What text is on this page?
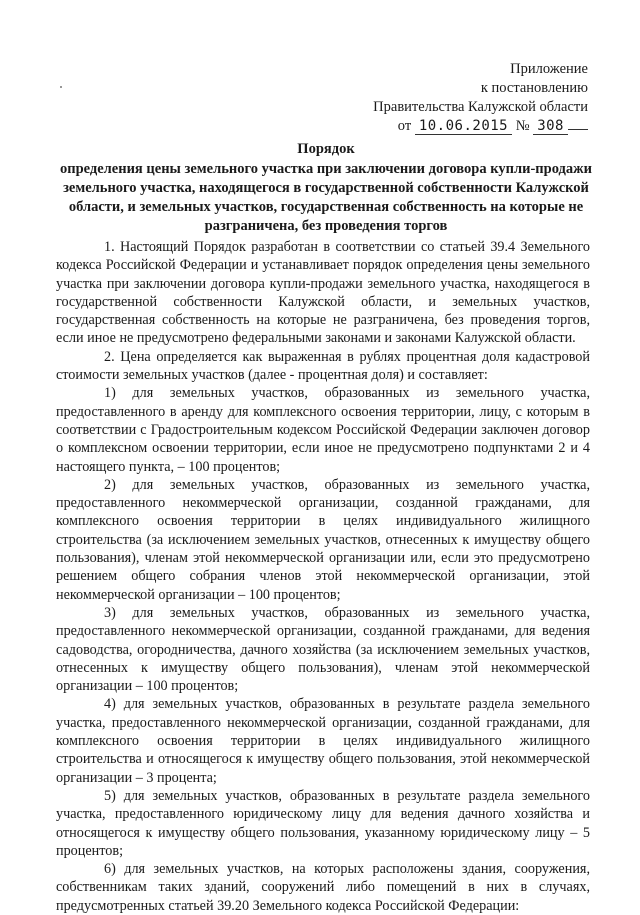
Приложение
к постановлению
Правительства Калужской области
от 10.06.2015 № 308
Порядок
определения цены земельного участка при заключении договора купли-продажи земельного участка, находящегося в государственной собственности Калужской области, и земельных участков, государственная собственность на которые не разграничена, без проведения торгов

1. Настоящий Порядок разработан в соответствии со статьей 39.4 Земельного кодекса Российской Федерации и устанавливает порядок определения цены земельного участка при заключении договора купли-продажи земельного участка, находящегося в государственной собственности Калужской области, и земельных участков, государственная собственность на которые не разграничена, без проведения торгов, если иное не предусмотрено федеральными законами и законами Калужской области.

2. Цена определяется как выраженная в рублях процентная доля кадастровой стоимости земельных участков (далее - процентная доля) и составляет:

1) для земельных участков, образованных из земельного участка, предоставленного в аренду для комплексного освоения территории, лицу, с которым в соответствии с Градостроительным кодексом Российской Федерации заключен договор о комплексном освоении территории, если иное не предусмотрено подпунктами 2 и 4 настоящего пункта, – 100 процентов;

2) для земельных участков, образованных из земельного участка, предоставленного некоммерческой организации, созданной гражданами, для комплексного освоения территории в целях индивидуального жилищного строительства (за исключением земельных участков, отнесенных к имуществу общего пользования), членам этой некоммерческой организации или, если это предусмотрено решением общего собрания членов этой некоммерческой организации, этой некоммерческой организации – 100 процентов;

3) для земельных участков, образованных из земельного участка, предоставленного некоммерческой организации, созданной гражданами, для ведения садоводства, огородничества, дачного хозяйства (за исключением земельных участков, отнесенных к имуществу общего пользования), членам этой некоммерческой организации – 100 процентов;

4) для земельных участков, образованных в результате раздела земельного участка, предоставленного некоммерческой организации, созданной гражданами, для комплексного освоения территории в целях индивидуального жилищного строительства и относящегося к имуществу общего пользования, этой некоммерческой организации – 3 процента;

5) для земельных участков, образованных в результате раздела земельного участка, предоставленного юридическому лицу для ведения дачного хозяйства и относящегося к имуществу общего пользования, указанному юридическому лицу – 5 процентов;

6) для земельных участков, на которых расположены здания, сооружения, собственникам таких зданий, сооружений либо помещений в них в случаях, предусмотренных статьей 39.20 Земельного кодекса Российской Федерации:
